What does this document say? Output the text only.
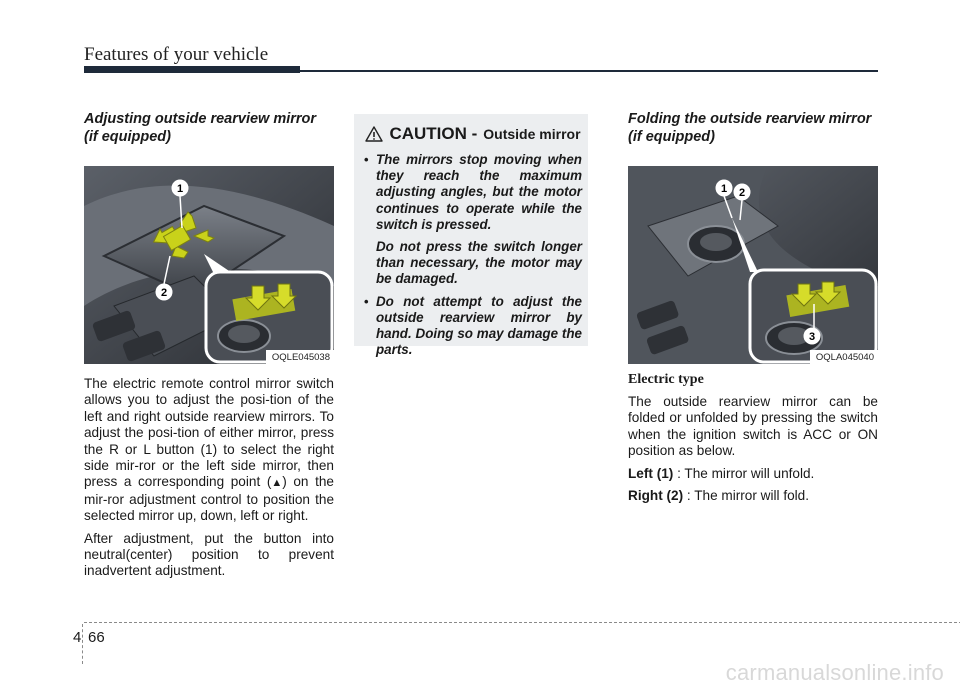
Features of your vehicle

Adjusting outside rearview mirror
(if equipped)

1
2
OQLE045038

The electric remote control mirror switch allows you to adjust the posi-tion of the left and right outside rearview mirrors. To adjust the posi-tion of either mirror, press the R or L button (1) to select the right side mir-ror or the left side mirror, then press a corresponding point (▲) on the mir-ror adjustment control to position the selected mirror up, down, left or right.

After adjustment, put the button into neutral(center) position to prevent inadvertent adjustment.

CAUTION - Outside mirror
• The mirrors stop moving when they reach the maximum adjusting angles, but the motor continues to operate while the switch is pressed.

Do not press the switch longer than necessary, the motor may be damaged.

• Do not attempt to adjust the outside rearview mirror by hand. Doing so may damage the parts.

Folding the outside rearview mirror
(if equipped)

1 2
3
OQLA045040

Electric type

The outside rearview mirror can be folded or unfolded by pressing the switch when the ignition switch is ACC or ON position as below.

Left (1) : The mirror will unfold.

Right (2) : The mirror will fold.

4 66
carmanualsonline.info
